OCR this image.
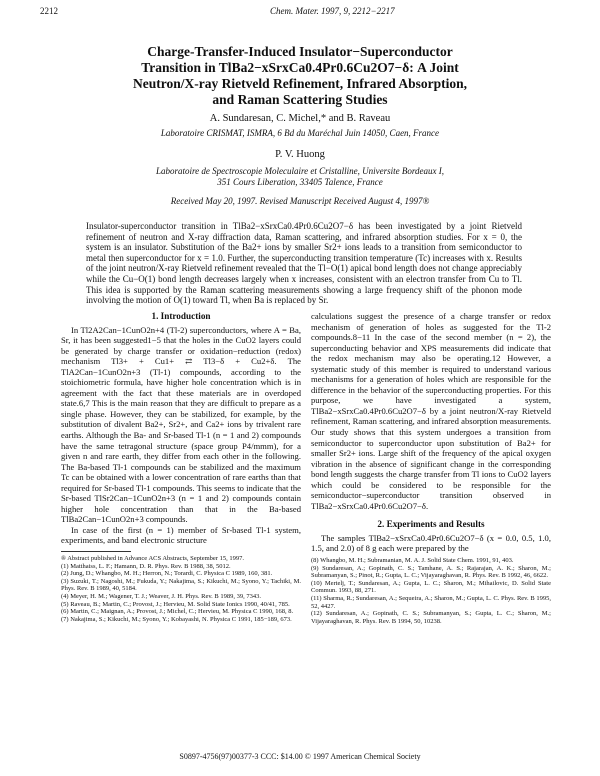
2212	Chem. Mater. 1997, 9, 2212−2217
Charge-Transfer-Induced Insulator−Superconductor
Transition in TlBa2−xSrxCa0.4Pr0.6Cu2O7−δ: A Joint
Neutron/X-ray Rietveld Refinement, Infrared Absorption,
and Raman Scattering Studies
A. Sundaresan, C. Michel,* and B. Raveau
Laboratoire CRISMAT, ISMRA, 6 Bd du Maréchal Juin 14050, Caen, France
P. V. Huong
Laboratoire de Spectroscopie Moleculaire et Cristalline, Universite Bordeaux I,
351 Cours Liberation, 33405 Talence, France
Received May 20, 1997. Revised Manuscript Received August 4, 1997®
Insulator-superconductor transition in TlBa2−xSrxCa0.4Pr0.6Cu2O7−δ has been investigated by a joint Rietveld refinement of neutron and X-ray diffraction data, Raman scattering, and infrared absorption studies. For x = 0, the system is an insulator. Substitution of the Ba2+ ions by smaller Sr2+ ions leads to a transition from semiconductor to metal then superconductor for x = 1.0. Further, the superconducting transition temperature (Tc) increases with x. Results of the joint neutron/X-ray Rietveld refinement revealed that the Tl−O(1) apical bond length does not change appreciably while the Cu−O(1) bond length decreases largely when x increases, consistent with an electron transfer from Cu to Tl. This idea is supported by the Raman scattering measurements showing a large frequency shift of the phonon mode involving the motion of O(1) toward Tl, when Ba is replaced by Sr.
1. Introduction

In Tl2A2Can−1CunO2n+4 (Tl-2) superconductors, where A = Ba, Sr, it has been suggested1−5 that the holes in the CuO2 layers could be generated by charge transfer or oxidation−reduction (redox) mechanism Tl3+ + Cu1+ ⇄ Tl3−δ + Cu2+δ. The TlA2Can−1CunO2n+3 (Tl-1) compounds, according to the stoichiometric formula, have higher hole concentration which is in agreement with the fact that these materials are in overdoped state.6,7 This is the main reason that they are difficult to prepare as a single phase. However, they can be stabilized, for example, by the substitution of divalent Ba2+, Sr2+, and Ca2+ ions by trivalent rare earths. Although the Ba- and Sr-based Tl-1 (n = 1 and 2) compounds have the same tetragonal structure (space group P4/mmm), for a given n and rare earth, they differ from each other in the following. The Ba-based Tl-1 compounds can be stabilized and the maximum Tc can be obtained with a lower concentration of rare earths than that required for Sr-based Tl-1 compounds. This seems to indicate that the Sr-based TlSr2Can−1CunO2n+3 (n = 1 and 2) compounds contain higher hole concentration than that in the Ba-based TlBa2Can−1CunO2n+3 compounds.

In case of the first (n = 1) member of Sr-based Tl-1 system, experiments, and band electronic structure

® Abstract published in Advance ACS Abstracts, September 15, 1997.
(1) Matthaiss, L. F.; Hamann, D. R. Phys. Rev. B 1988, 38, 5012.
(2) Jung, D.; Whangbo, M. H.; Herron, N.; Torardi, C. Physica C 1989, 160, 381.
(3) Suzuki, T.; Nagoshi, M.; Fukuda, Y.; Nakajima, S.; Kikuchi, M.; Syono, Y.; Tachiki, M. Phys. Rev. B 1989, 40, 5184.
(4) Meyer, H. M.; Wagener, T. J.; Weaver, J. H. Phys. Rev. B 1989, 39, 7343.
(5) Raveau, B.; Martin, C.; Provost, J.; Hervieu, M. Solid State Ionics 1990, 40/41, 785.
(6) Martin, C.; Maignan, A.; Provost, J.; Michel, C.; Hervieu, M. Physica C 1990, 168, 8.
(7) Nakajima, S.; Kikuchi, M.; Syono, Y.; Kobayashi, N. Physica C 1991, 185−189, 673.

calculations suggest the presence of a charge transfer or redox mechanism of generation of holes as suggested for the Tl-2 compounds.8−11 In the case of the second member (n = 2), the superconducting behavior and XPS measurements did indicate that the redox mechanism may also be operating.12 However, a systematic study of this member is required to understand various mechanisms for a generation of holes which are responsible for the difference in the behavior of the superconducting properties. For this purpose, we have investigated a system, TlBa2−xSrxCa0.4Pr0.6Cu2O7−δ by a joint neutron/X-ray Rietveld refinement, Raman scattering, and infrared absorption measurements. Our study shows that this system undergoes a transition from semiconductor to superconductor upon substitution of Ba2+ for smaller Sr2+ ions. Large shift of the frequency of the apical oxygen vibration in the absence of significant change in the corresponding bond length suggests the charge transfer from Tl ions to CuO2 layers which could be considered to be responsible for the semiconductor−superconductor transition observed in TlBa2−xSrxCa0.4Pr0.6Cu2O7−δ.

2. Experiments and Results

The samples TlBa2−xSrxCa0.4Pr0.6Cu2O7−δ (x = 0.0, 0.5, 1.0, 1.5, and 2.0) of 8 g each were prepared by the

(8) Whangbo, M. H.; Subramanian, M. A. J. Solid State Chem. 1991, 91, 403.
(9) Sundaresan, A.; Gopinath, C. S.; Tamhane, A. S.; Rajarajan, A. K.; Sharon, M.; Subramanyan, S.; Pinot, R.; Gupta, L. C.; Vijayaraghavan, R. Phys. Rev. B 1992, 46, 6622.
(10) Mertelj, T.; Sundaresan, A.; Gupta, L. C.; Sharon, M.; Mihailovic, D. Solid State Commun. 1993, 88, 271.
(11) Sharma, R.; Sundaresan, A.; Sequeira, A.; Sharon, M.; Gupta, L. C. Phys. Rev. B 1995, 52, 4427.
(12) Sundaresan, A.; Gopinath, C. S.; Subramanyan, S.; Gupta, L. C.; Sharon, M.; Vijayaraghavan, R. Phys. Rev. B 1994, 50, 10238.
S0897-4756(97)00377-3 CCC: $14.00 © 1997 American Chemical Society
